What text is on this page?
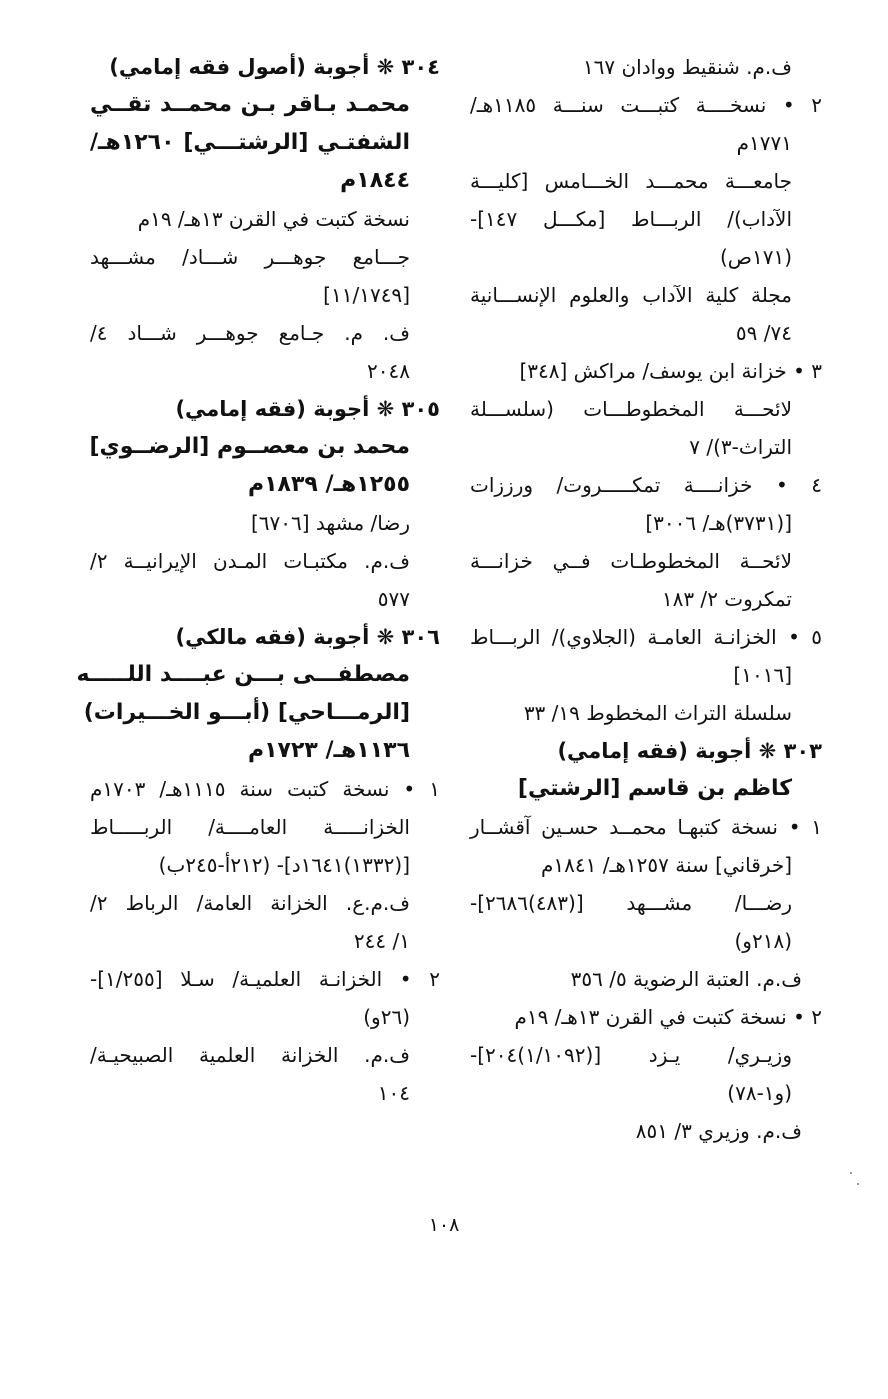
ف.م. شنقيط ووادان ١٦٧
٢ • نسخــــة كتبـــت سنـــة ١١٨٥هـ/
١٧٧١م
جامعـــة محمـــد الخـــامس [كليـــة
الآداب)/ الربـــاط [مكـــل ١٤٧]-
(١٧١ص)
مجلة كلية الآداب والعلوم الإنســـانية
٧٤/ ٥٩
٣ • خزانة ابن يوسف/ مراكش [٣٤٨]
لائحـــة المخطوطـــات (سلســـلة
التراث-٣)/ ٧
٤ • خزانــــة تمكـــــروت/ ورززات
[(٣٧٣١)هـ/ ٣٠٠٦]
لائحــة المخطوطـات فــي خزانـــة
تمكروت ٢/ ١٨٣
٥ • الخزانـة العامـة (الجلاوي)/ الربـــاط
[١٠١٦]
سلسلة التراث المخطوط ١٩/ ٣٣
٣٠٣ ❋ أجوبة (فقه إمامي)
كاظم بن قاسم [الرشتي]
١ • نسخة كتبهـا محمــد حسـين آقشــار
[خرقاني] سنة ١٢٥٧هـ/ ١٨٤١م
رضـــا/ مشـــهد [(٤٨٣)٢٦٨٦]-
(٢١٨و)
ف.م. العتبة الرضوية ٥/ ٣٥٦
٢ • نسخة كتبت في القرن ١٣هـ/ ١٩م
وزيـري/ يـزد [(١/١٠٩٢)٢٠٤]-
(و١-٧٨)
ف.م. وزيري ٣/ ٨٥١
٣٠٤ ❋ أجوبة (أصول فقه إمامي)
محمـد بـاقر بـن محمــد تقــي
الشفتـي [الرشتـــي] ١٢٦٠هـ/
١٨٤٤م
نسخة كتبت في القرن ١٣هـ/ ١٩م
جـــامع جوهـــر شـــاد/ مشـــهد
[١١/١٧٤٩]
ف. م. جـامع جوهـــر شـــاد ٤/
٢٠٤٨
٣٠٥ ❋ أجوبة (فقه إمامي)
محمد بن معصــوم [الرضــوي]
١٢٥٥هـ/ ١٨٣٩م
رضا/ مشهد [٦٧٠٦]
ف.م. مكتبـات المـدن الإيرانيــة ٢/
٥٧٧
٣٠٦ ❋ أجوبة (فقه مالكي)
مصطفـــى بـــن عبــــد اللـــــه
[الرمـــاحي] (أبـــو الخـــيرات)
١١٣٦هـ/ ١٧٢٣م
١ • نسخة كتبت سنة ١١١٥هـ/ ١٧٠٣م
الخزانـــــة العامــــة/ الربـــــاط
[(١٣٣٢)١٦٤١د]- (٢١٢أ-٢٤٥ب)
ف.م.ع. الخزانة العامة/ الرباط ٢/
١/ ٢٤٤
٢ • الخزانـة العلميـة/ سـلا [١/٢٥٥]-
(٢٦و)
ف.م. الخزانة العلمية الصبيحيـة/
١٠٤
١٠٨
